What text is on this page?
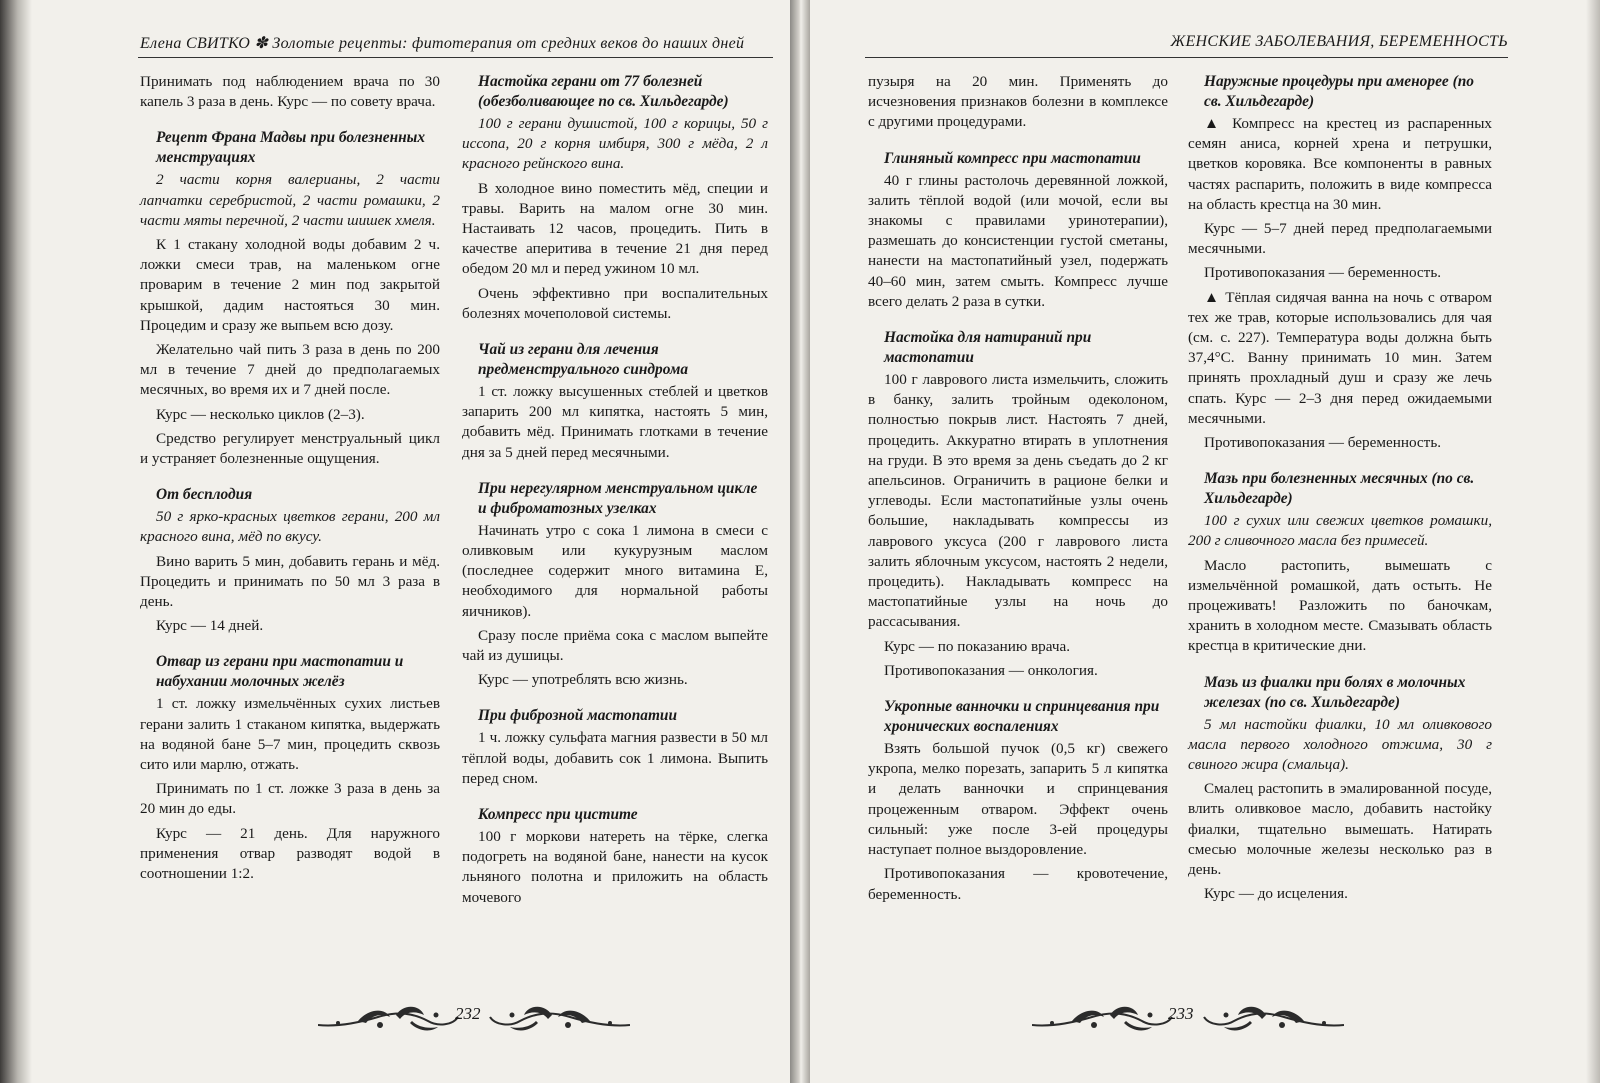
Елена СВИТКО ✽ Золотые рецепты: фитотерапия от средних веков до наших дней

Принимать под наблюдением врача по 30 капель 3 раза в день. Курс — по совету врача.

Рецепт Франа Мадвы при болезненных менструациях

2 части корня валерианы, 2 части лапчатки серебристой, 2 части ромашки, 2 части мяты перечной, 2 части шишек хмеля.

К 1 стакану холодной воды добавим 2 ч. ложки смеси трав, на маленьком огне проварим в течение 2 мин под закрытой крышкой, дадим настояться 30 мин. Процедим и сразу же выпьем всю дозу.

Желательно чай пить 3 раза в день по 200 мл в течение 7 дней до предполагаемых месячных, во время их и 7 дней после.

Курс — несколько циклов (2–3).

Средство регулирует менструальный цикл и устраняет болезненные ощущения.

От бесплодия

50 г ярко-красных цветков герани, 200 мл красного вина, мёд по вкусу.

Вино варить 5 мин, добавить герань и мёд. Процедить и принимать по 50 мл 3 раза в день.

Курс — 14 дней.

Отвар из герани при мастопатии и набухании молочных желёз

1 ст. ложку измельчённых сухих листьев герани залить 1 стаканом кипятка, выдержать на водяной бане 5–7 мин, процедить сквозь сито или марлю, отжать.

Принимать по 1 ст. ложке 3 раза в день за 20 мин до еды.

Курс — 21 день. Для наружного применения отвар разводят водой в соотношении 1:2.

Настойка герани от 77 болезней (обезболивающее по св. Хильдегарде)

100 г герани душистой, 100 г корицы, 50 г иссопа, 20 г корня имбиря, 300 г мёда, 2 л красного рейнского вина.

В холодное вино поместить мёд, специи и травы. Варить на малом огне 30 мин. Настаивать 12 часов, процедить. Пить в качестве аперитива в течение 21 дня перед обедом 20 мл и перед ужином 10 мл.

Очень эффективно при воспалительных болезнях мочеполовой системы.

Чай из герани для лечения предменструального синдрома

1 ст. ложку высушенных стеблей и цветков запарить 200 мл кипятка, настоять 5 мин, добавить мёд. Принимать глотками в течение дня за 5 дней перед месячными.

При нерегулярном менструальном цикле и фиброматозных узелках

Начинать утро с сока 1 лимона в смеси с оливковым или кукурузным маслом (последнее содержит много витамина Е, необходимого для нормальной работы яичников).

Сразу после приёма сока с маслом выпейте чай из душицы.

Курс — употреблять всю жизнь.

При фиброзной мастопатии

1 ч. ложку сульфата магния развести в 50 мл тёплой воды, добавить сок 1 лимона. Выпить перед сном.

Компресс при цистите

100 г моркови натереть на тёрке, слегка подогреть на водяной бане, нанести на кусок льняного полотна и приложить на область мочевого

232
ЖЕНСКИЕ ЗАБОЛЕВАНИЯ, БЕРЕМЕННОСТЬ

пузыря на 20 мин. Применять до исчезновения признаков болезни в комплексе с другими процедурами.

Глиняный компресс при мастопатии

40 г глины растолочь деревянной ложкой, залить тёплой водой (или мочой, если вы знакомы с правилами уринотерапии), размешать до консистенции густой сметаны, нанести на мастопатийный узел, подержать 40–60 мин, затем смыть. Компресс лучше всего делать 2 раза в сутки.

Настойка для натираний при мастопатии

100 г лаврового листа измельчить, сложить в банку, залить тройным одеколоном, полностью покрыв лист. Настоять 7 дней, процедить. Аккуратно втирать в уплотнения на груди. В это время за день съедать до 2 кг апельсинов. Ограничить в рационе белки и углеводы. Если мастопатийные узлы очень большие, накладывать компрессы из лаврового уксуса (200 г лаврового листа залить яблочным уксусом, настоять 2 недели, процедить). Накладывать компресс на мастопатийные узлы на ночь до рассасывания.

Курс — по показанию врача.

Противопоказания — онкология.

Укропные ванночки и спринцевания при хронических воспалениях

Взять большой пучок (0,5 кг) свежего укропа, мелко порезать, запарить 5 л кипятка и делать ванночки и спринцевания процеженным отваром. Эффект очень сильный: уже после 3-ей процедуры наступает полное выздоровление.

Противопоказания — кровотечение, беременность.

Наружные процедуры при аменорее (по св. Хильдегарде)

▲ Компресс на крестец из распаренных семян аниса, корней хрена и петрушки, цветков коровяка. Все компоненты в равных частях распарить, положить в виде компресса на область крестца на 30 мин.

Курс — 5–7 дней перед предполагаемыми месячными.

Противопоказания — беременность.

▲ Тёплая сидячая ванна на ночь с отваром тех же трав, которые использовались для чая (см. с. 227). Температура воды должна быть 37,4°С. Ванну принимать 10 мин. Затем принять прохладный душ и сразу же лечь спать. Курс — 2–3 дня перед ожидаемыми месячными.

Противопоказания — беременность.

Мазь при болезненных месячных (по св. Хильдегарде)

100 г сухих или свежих цветков ромашки, 200 г сливочного масла без примесей.

Масло растопить, вымешать с измельчённой ромашкой, дать остыть. Не процеживать! Разложить по баночкам, хранить в холодном месте. Смазывать область крестца в критические дни.

Мазь из фиалки при болях в молочных железах (по св. Хильдегарде)

5 мл настойки фиалки, 10 мл оливкового масла первого холодного отжима, 30 г свиного жира (смальца).

Смалец растопить в эмалированной посуде, влить оливковое масло, добавить настойку фиалки, тщательно вымешать. Натирать смесью молочные железы несколько раз в день.

Курс — до исцеления.

233
